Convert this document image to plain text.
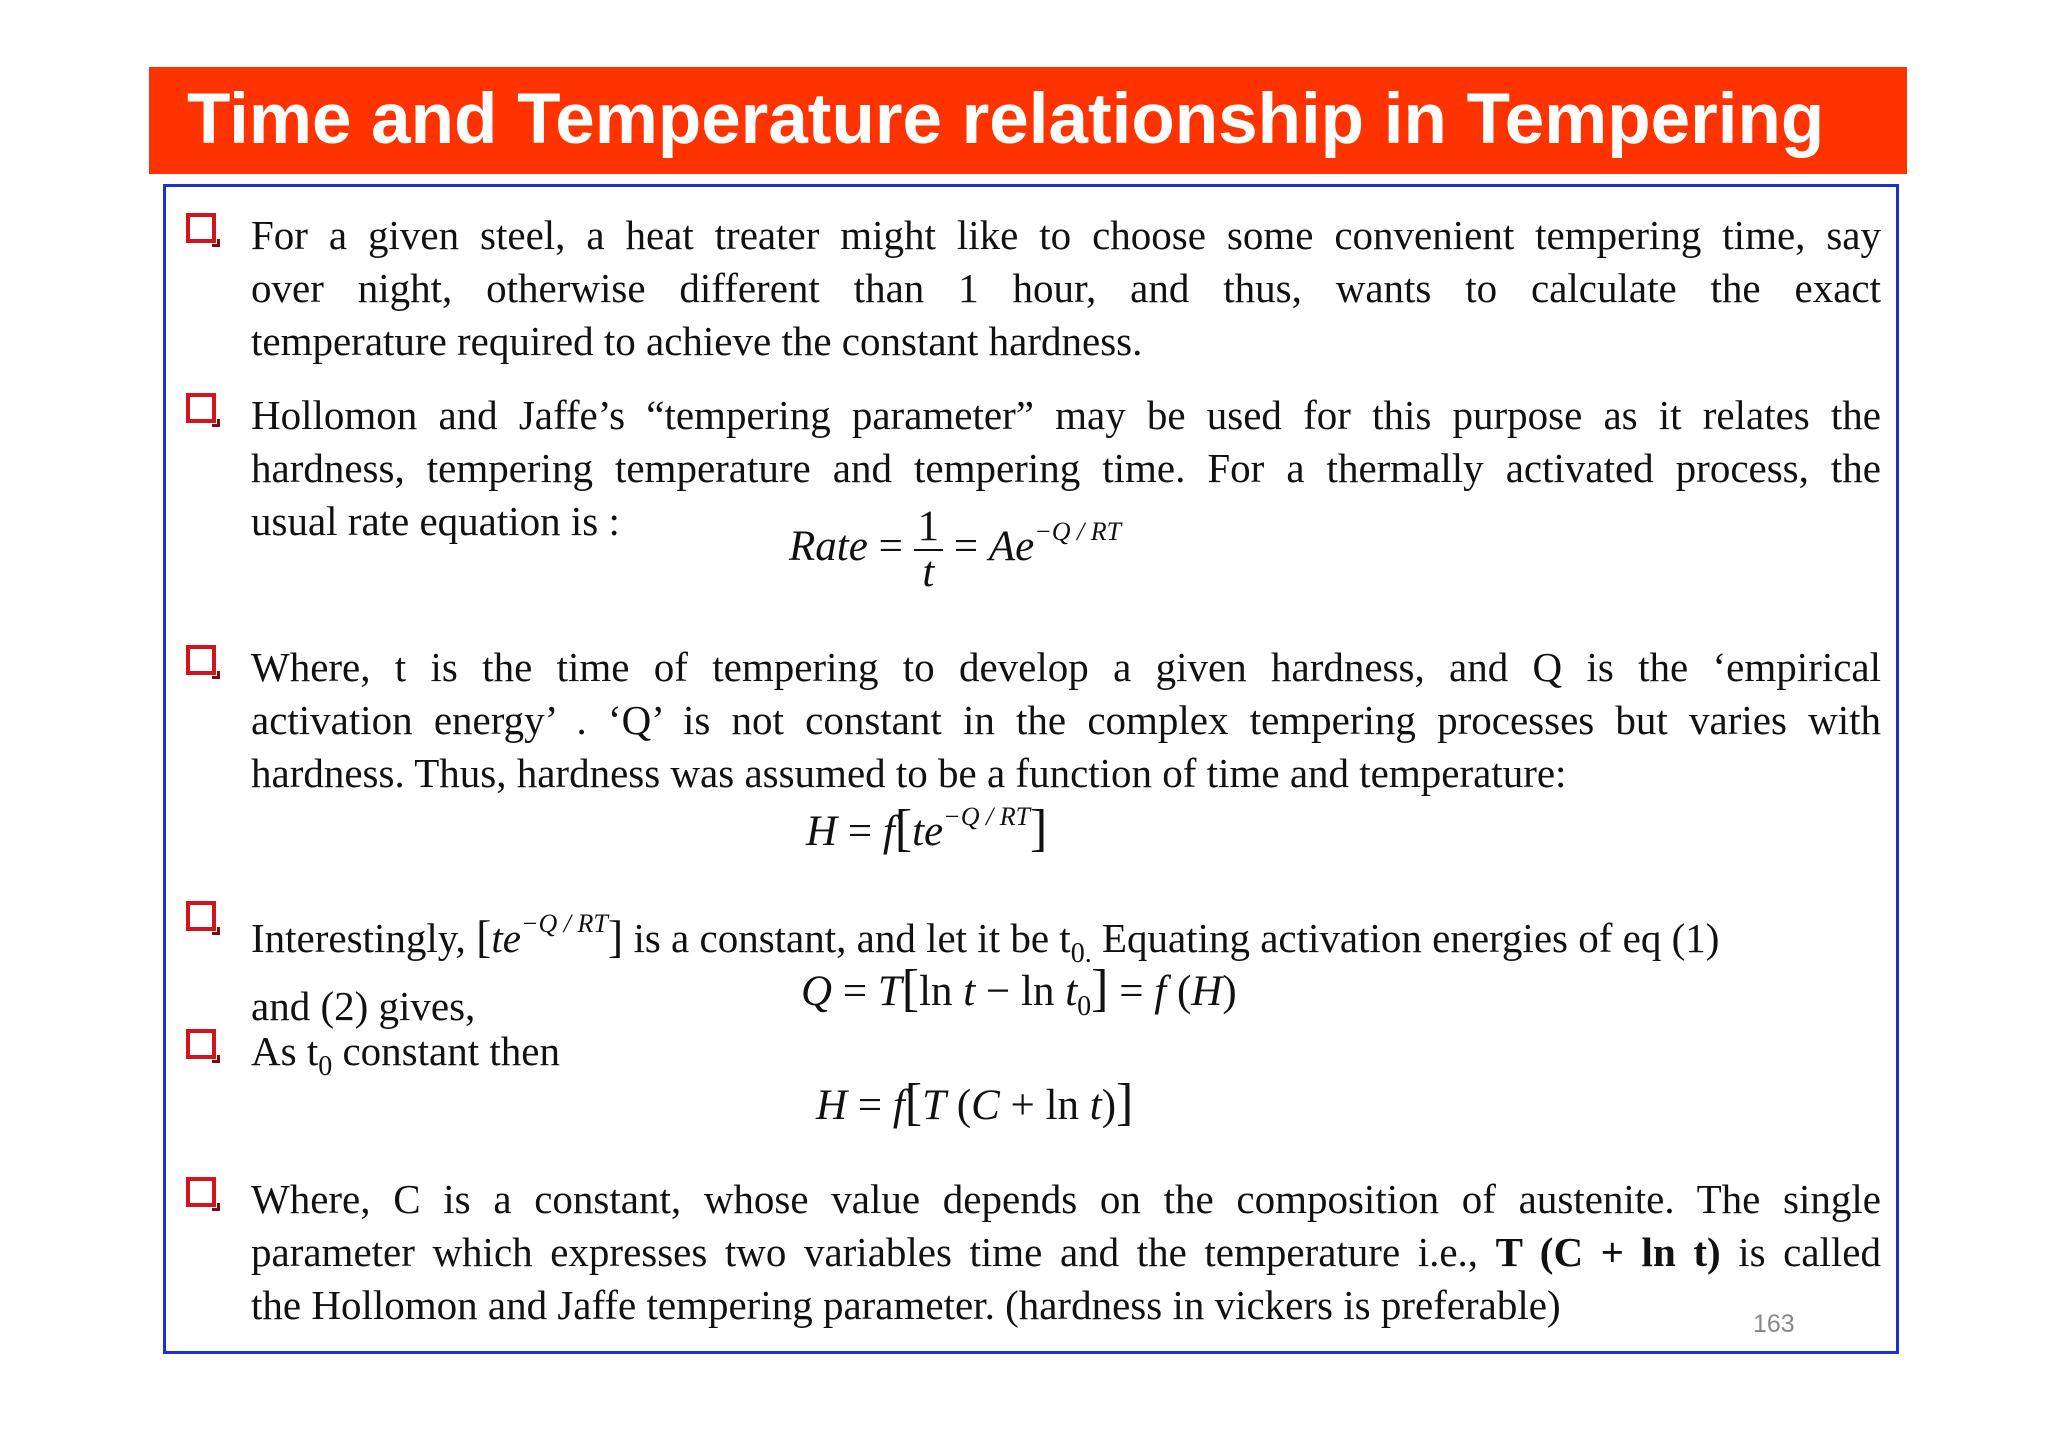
Time and Temperature relationship in Tempering
For a given steel, a heat treater might like to choose some convenient tempering time, say
over night, otherwise different than 1 hour, and thus, wants to calculate the exact
temperature required to achieve the constant hardness.
Hollomon and Jaffe’s “tempering parameter” may be used for this purpose as it relates the
hardness, tempering temperature and tempering time. For a thermally activated process, the
usual rate equation is :
Rate = $\frac{1}{t} = Ae^{-Q / RT}$
Where, t is the time of tempering to develop a given hardness, and Q is the ‘empirical
activation energy’ . ‘Q’ is not constant in the complex tempering processes but varies with
hardness. Thus, hardness was assumed to be a function of time and temperature:
$H = f[te^{-Q / RT}]$
Interestingly, $[te^{-Q / RT}]$ is a constant, and let it be $t_{0.}$ Equating activation energies of eq (1)
and (2) gives,	Q = T[ln $t - \ln t_0] = f$ (H)
As $t_0$ constant then
H = f[T (C + ln t)]
Where, C is a constant, whose value depends on the composition of austenite. The single
parameter which expresses two variables time and the temperature i.e., T (C + ln t) is called
the Hollomon and Jaffe tempering parameter. (hardness in vickers is preferable)	163
